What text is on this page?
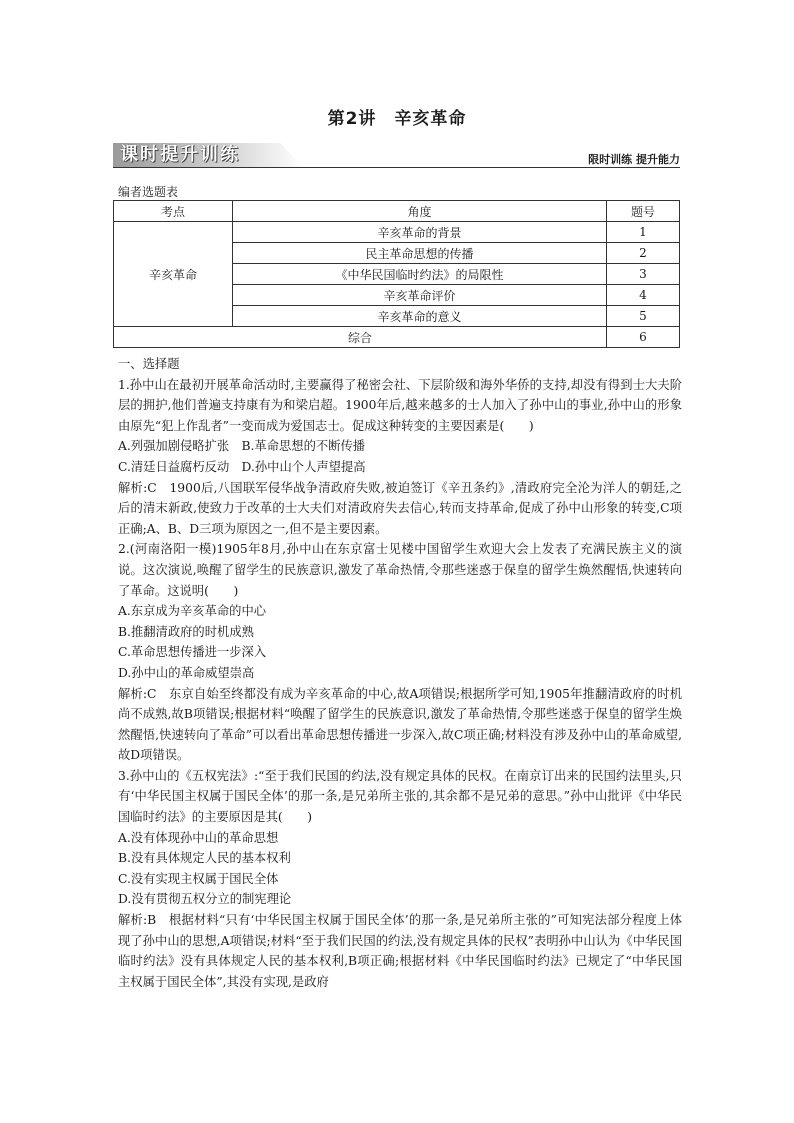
第2讲　辛亥革命
课时提升训练	限时训练 提升能力
编者选题表
考点	角度	题号
辛亥革命	辛亥革命的背景	1
	民主革命思想的传播	2
	《中华民国临时约法》的局限性	3
	辛亥革命评价	4
	辛亥革命的意义	5
综合		6

一、选择题

1.孙中山在最初开展革命活动时,主要赢得了秘密会社、下层阶级和海外华侨的支持,却没有得到士大夫阶层的拥护,他们普遍支持康有为和梁启超。1900年后,越来越多的士人加入了孙中山的事业,孙中山的形象由原先“犯上作乱者”一变而成为爱国志士。促成这种转变的主要因素是(　　)

A.列强加剧侵略扩张　B.革命思想的不断传播

C.清廷日益腐朽反动　D.孙中山个人声望提高

解析:C　1900后,八国联军侵华战争清政府失败,被迫签订《辛丑条约》,清政府完全沦为洋人的朝廷,之后的清末新政,使致力于改革的士大夫们对清政府失去信心,转而支持革命,促成了孙中山形象的转变,C项正确;A、B、D三项为原因之一,但不是主要因素。

2.(河南洛阳一模)1905年8月,孙中山在东京富士见楼中国留学生欢迎大会上发表了充满民族主义的演说。这次演说,唤醒了留学生的民族意识,激发了革命热情,令那些迷惑于保皇的留学生焕然醒悟,快速转向了革命。这说明(　　)

A.东京成为辛亥革命的中心

B.推翻清政府的时机成熟

C.革命思想传播进一步深入

D.孙中山的革命威望崇高

解析:C　东京自始至终都没有成为辛亥革命的中心,故A项错误;根据所学可知,1905年推翻清政府的时机尚不成熟,故B项错误;根据材料“唤醒了留学生的民族意识,激发了革命热情,令那些迷惑于保皇的留学生焕然醒悟,快速转向了革命”可以看出革命思想传播进一步深入,故C项正确;材料没有涉及孙中山的革命威望,故D项错误。

3.孙中山的《五权宪法》:“至于我们民国的约法,没有规定具体的民权。在南京订出来的民国约法里头,只有‘中华民国主权属于国民全体’的那一条,是兄弟所主张的,其余都不是兄弟的意思。”孙中山批评《中华民国临时约法》的主要原因是其(　　)

A.没有体现孙中山的革命思想

B.没有具体规定人民的基本权利

C.没有实现主权属于国民全体

D.没有贯彻五权分立的制宪理论

解析:B　根据材料“只有‘中华民国主权属于国民全体’的那一条,是兄弟所主张的”可知宪法部分程度上体现了孙中山的思想,A项错误;材料“至于我们民国的约法,没有规定具体的民权”表明孙中山认为《中华民国临时约法》没有具体规定人民的基本权利,B项正确;根据材料《中华民国临时约法》已规定了“中华民国主权属于国民全体”,其没有实现,是政府
